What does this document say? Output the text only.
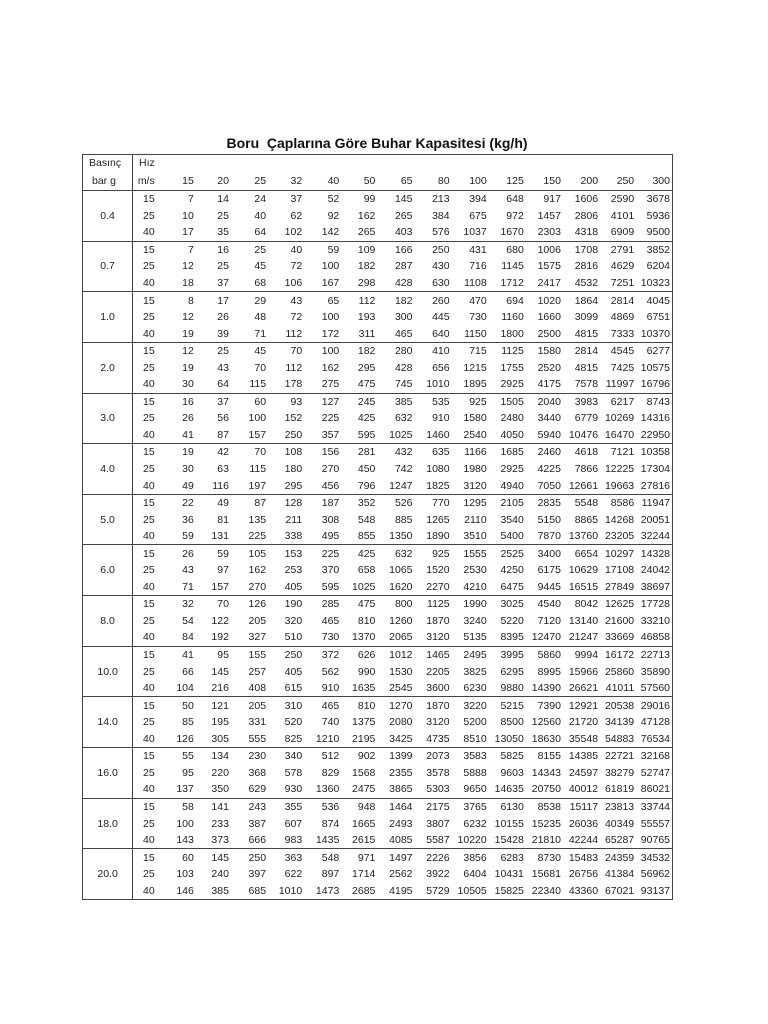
Boru  Çaplarına Göre Buhar Kapasitesi (kg/h)
Basınç	Hız														
bar g	m/s	15	20	25	32	40	50	65	80	100	125	150	200	250	300
0.4	15	7	14	24	37	52	99	145	213	394	648	917	1606	2590	3678
	25	10	25	40	62	92	162	265	384	675	972	1457	2806	4101	5936
	40	17	35	64	102	142	265	403	576	1037	1670	2303	4318	6909	9500
0.7	15	7	16	25	40	59	109	166	250	431	680	1006	1708	2791	3852
	25	12	25	45	72	100	182	287	430	716	1145	1575	2816	4629	6204
	40	18	37	68	106	167	298	428	630	1108	1712	2417	4532	7251	10323
1.0	15	8	17	29	43	65	112	182	260	470	694	1020	1864	2814	4045
	25	12	26	48	72	100	193	300	445	730	1160	1660	3099	4869	6751
	40	19	39	71	112	172	311	465	640	1150	1800	2500	4815	7333	10370
2.0	15	12	25	45	70	100	182	280	410	715	1125	1580	2814	4545	6277
	25	19	43	70	112	162	295	428	656	1215	1755	2520	4815	7425	10575
	40	30	64	115	178	275	475	745	1010	1895	2925	4175	7578	11997	16796
3.0	15	16	37	60	93	127	245	385	535	925	1505	2040	3983	6217	8743
	25	26	56	100	152	225	425	632	910	1580	2480	3440	6779	10269	14316
	40	41	87	157	250	357	595	1025	1460	2540	4050	5940	10476	16470	22950
4.0	15	19	42	70	108	156	281	432	635	1166	1685	2460	4618	7121	10358
	25	30	63	115	180	270	450	742	1080	1980	2925	4225	7866	12225	17304
	40	49	116	197	295	456	796	1247	1825	3120	4940	7050	12661	19663	27816
5.0	15	22	49	87	128	187	352	526	770	1295	2105	2835	5548	8586	11947
	25	36	81	135	211	308	548	885	1265	2110	3540	5150	8865	14268	20051
	40	59	131	225	338	495	855	1350	1890	3510	5400	7870	13760	23205	32244
6.0	15	26	59	105	153	225	425	632	925	1555	2525	3400	6654	10297	14328
	25	43	97	162	253	370	658	1065	1520	2530	4250	6175	10629	17108	24042
	40	71	157	270	405	595	1025	1620	2270	4210	6475	9445	16515	27849	38697
8.0	15	32	70	126	190	285	475	800	1125	1990	3025	4540	8042	12625	17728
	25	54	122	205	320	465	810	1260	1870	3240	5220	7120	13140	21600	33210
	40	84	192	327	510	730	1370	2065	3120	5135	8395	12470	21247	33669	46858
10.0	15	41	95	155	250	372	626	1012	1465	2495	3995	5860	9994	16172	22713
	25	66	145	257	405	562	990	1530	2205	3825	6295	8995	15966	25860	35890
	40	104	216	408	615	910	1635	2545	3600	6230	9880	14390	26621	41011	57560
14.0	15	50	121	205	310	465	810	1270	1870	3220	5215	7390	12921	20538	29016
	25	85	195	331	520	740	1375	2080	3120	5200	8500	12560	21720	34139	47128
	40	126	305	555	825	1210	2195	3425	4735	8510	13050	18630	35548	54883	76534
16.0	15	55	134	230	340	512	902	1399	2073	3583	5825	8155	14385	22721	32168
	25	95	220	368	578	829	1568	2355	3578	5888	9603	14343	24597	38279	52747
	40	137	350	629	930	1360	2475	3865	5303	9650	14635	20750	40012	61819	86021
18.0	15	58	141	243	355	536	948	1464	2175	3765	6130	8538	15117	23813	33744
	25	100	233	387	607	874	1665	2493	3807	6232	10155	15235	26036	40349	55557
	40	143	373	666	983	1435	2615	4085	5587	10220	15428	21810	42244	65287	90765
20.0	15	60	145	250	363	548	971	1497	2226	3856	6283	8730	15483	24359	34532
	25	103	240	397	622	897	1714	2562	3922	6404	10431	15681	26756	41384	56962
	40	146	385	685	1010	1473	2685	4195	5729	10505	15825	22340	43360	67021	93137
